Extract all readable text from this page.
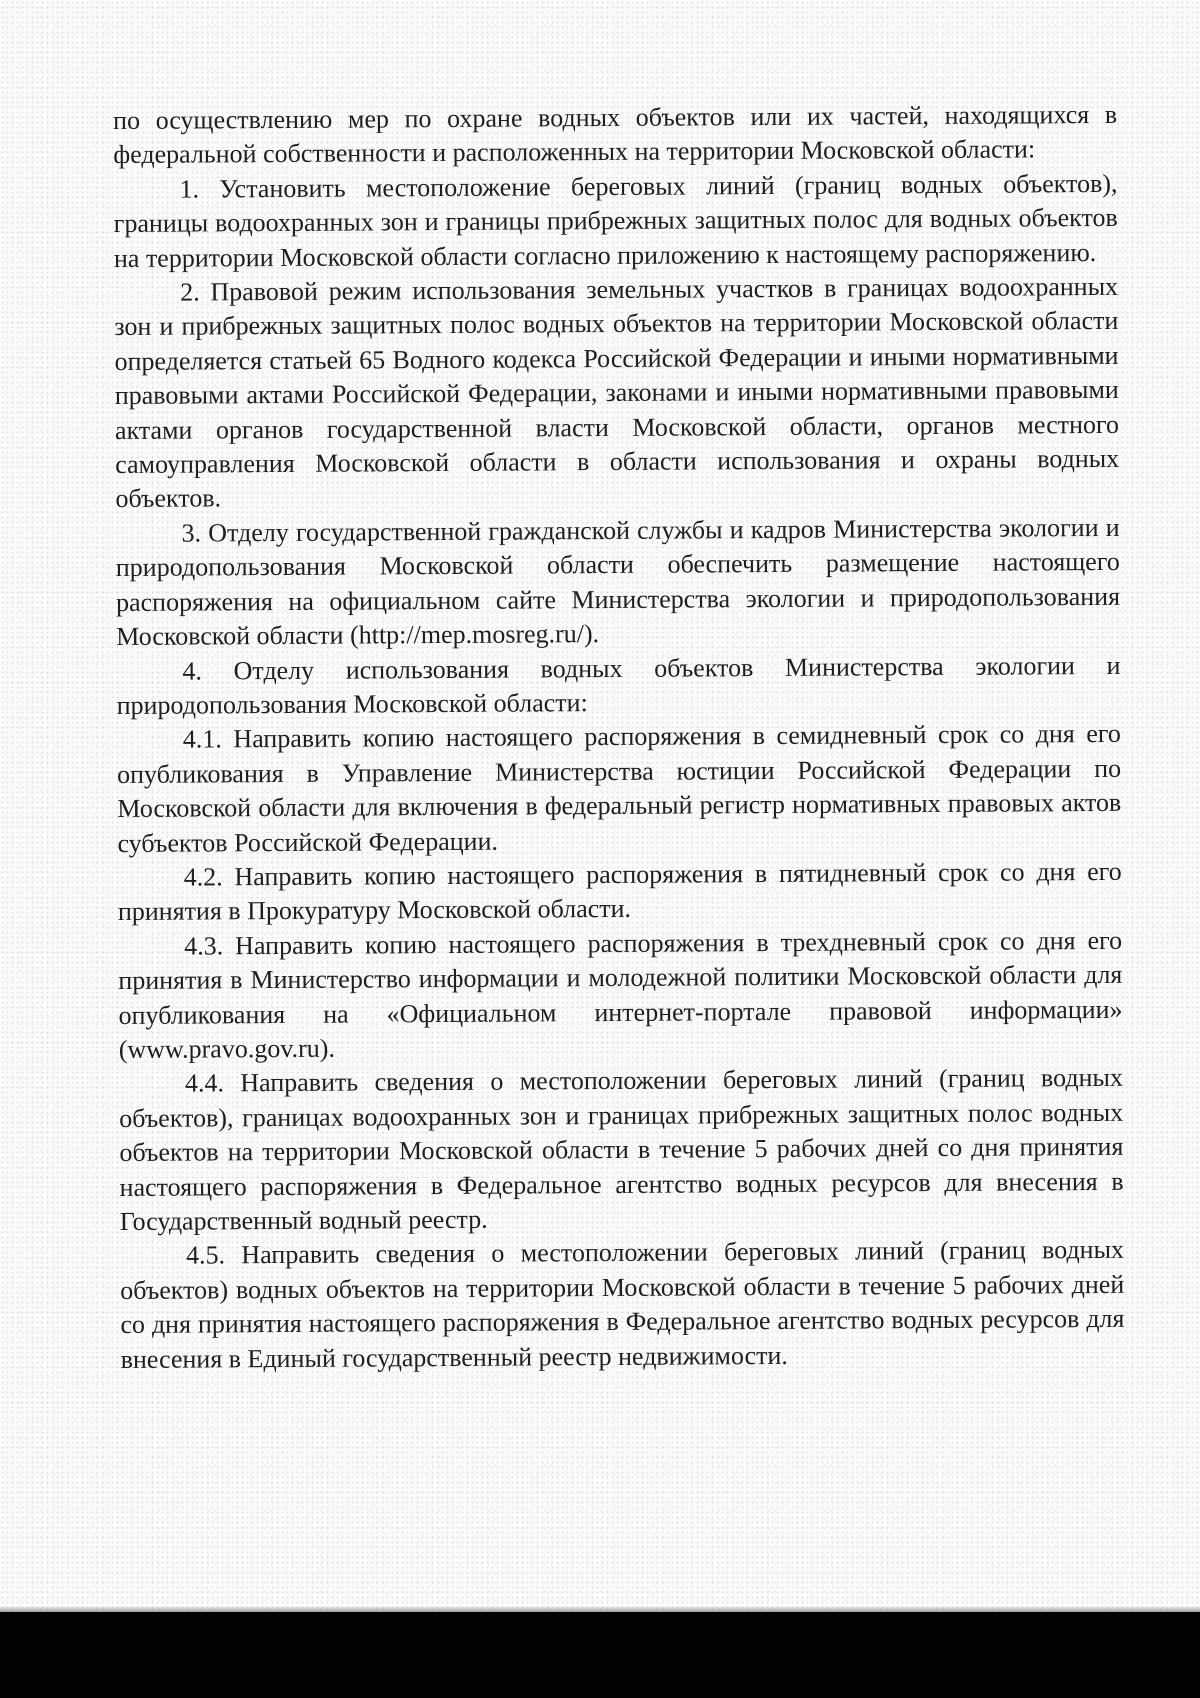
по осуществлению мер по охране водных объектов или их частей, находящихся в федеральной собственности и расположенных на территории Московской области:

1. Установить местоположение береговых линий (границ водных объектов), границы водоохранных зон и границы прибрежных защитных полос для водных объектов на территории Московской области согласно приложению к настоящему распоряжению.

2. Правовой режим использования земельных участков в границах водоохранных зон и прибрежных защитных полос водных объектов на территории Московской области определяется статьей 65 Водного кодекса Российской Федерации и иными нормативными правовыми актами Российской Федерации, законами и иными нормативными правовыми актами органов государственной власти Московской области, органов местного самоуправления Московской области в области использования и охраны водных объектов.

3. Отделу государственной гражданской службы и кадров Министерства экологии и природопользования Московской области обеспечить размещение настоящего распоряжения на официальном сайте Министерства экологии и природопользования Московской области (http://mep.mosreg.ru/).

4. Отделу использования водных объектов Министерства экологии и природопользования Московской области:

4.1. Направить копию настоящего распоряжения в семидневный срок со дня его опубликования в Управление Министерства юстиции Российской Федерации по Московской области для включения в федеральный регистр нормативных правовых актов субъектов Российской Федерации.

4.2. Направить копию настоящего распоряжения в пятидневный срок со дня его принятия в Прокуратуру Московской области.

4.3. Направить копию настоящего распоряжения в трехдневный срок со дня его принятия в Министерство информации и молодежной политики Московской области для опубликования на «Официальном интернет-портале правовой информации» (www.pravo.gov.ru).

4.4. Направить сведения о местоположении береговых линий (границ водных объектов), границах водоохранных зон и границах прибрежных защитных полос водных объектов на территории Московской области в течение 5 рабочих дней со дня принятия настоящего распоряжения в Федеральное агентство водных ресурсов для внесения в Государственный водный реестр.

4.5. Направить сведения о местоположении береговых линий (границ водных объектов) водных объектов на территории Московской области в течение 5 рабочих дней со дня принятия настоящего распоряжения в Федеральное агентство водных ресурсов для внесения в Единый государственный реестр недвижимости.
